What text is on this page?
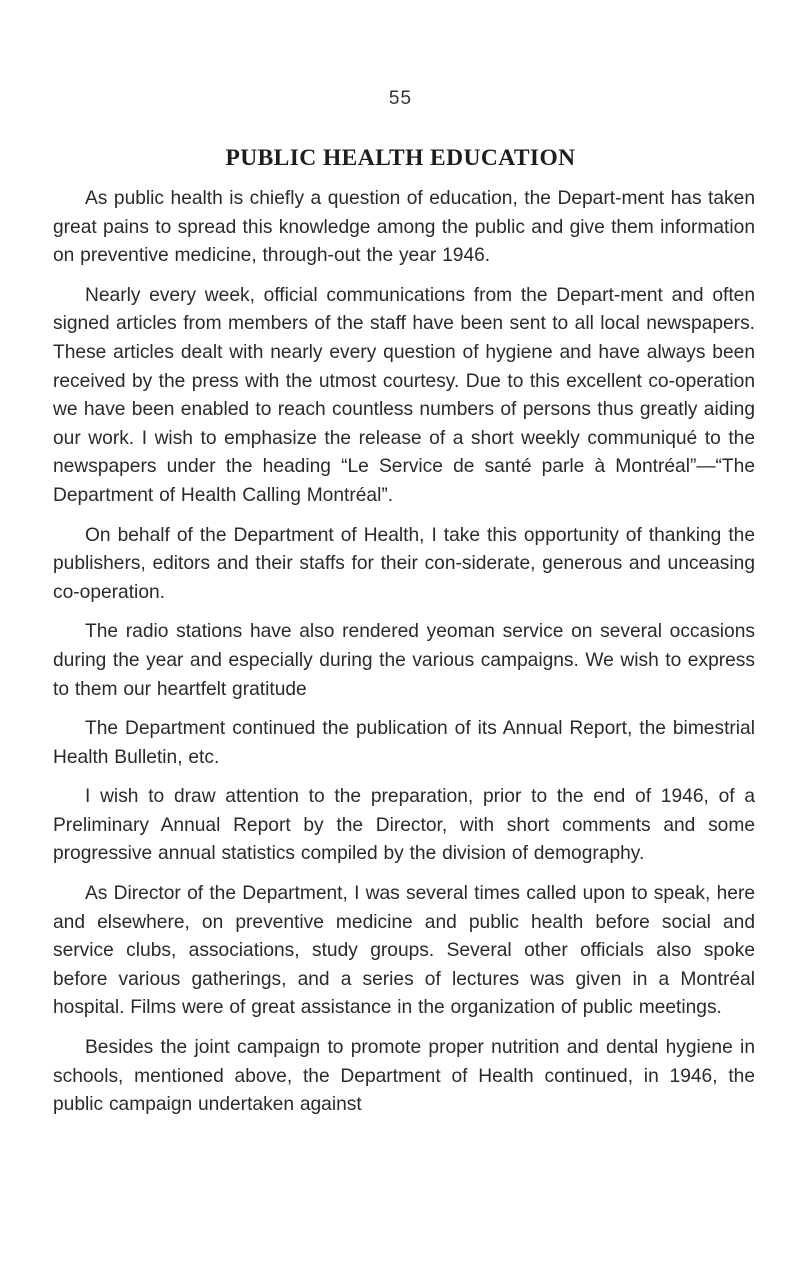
55
PUBLIC HEALTH EDUCATION

As public health is chiefly a question of education, the Depart-ment has taken great pains to spread this knowledge among the public and give them information on preventive medicine, through-out the year 1946.

Nearly every week, official communications from the Depart-ment and often signed articles from members of the staff have been sent to all local newspapers. These articles dealt with nearly every question of hygiene and have always been received by the press with the utmost courtesy. Due to this excellent co-operation we have been enabled to reach countless numbers of persons thus greatly aiding our work. I wish to emphasize the release of a short weekly communiqué to the newspapers under the heading “Le Service de santé parle à Montréal”—“The Department of Health Calling Montréal”.

On behalf of the Department of Health, I take this opportunity of thanking the publishers, editors and their staffs for their con-siderate, generous and unceasing co-operation.

The radio stations have also rendered yeoman service on several occasions during the year and especially during the various campaigns. We wish to express to them our heartfelt gratitude

The Department continued the publication of its Annual Report, the bimestrial Health Bulletin, etc.

I wish to draw attention to the preparation, prior to the end of 1946, of a Preliminary Annual Report by the Director, with short comments and some progressive annual statistics compiled by the division of demography.

As Director of the Department, I was several times called upon to speak, here and elsewhere, on preventive medicine and public health before social and service clubs, associations, study groups. Several other officials also spoke before various gatherings, and a series of lectures was given in a Montréal hospital. Films were of great assistance in the organization of public meetings.

Besides the joint campaign to promote proper nutrition and dental hygiene in schools, mentioned above, the Department of Health continued, in 1946, the public campaign undertaken against
